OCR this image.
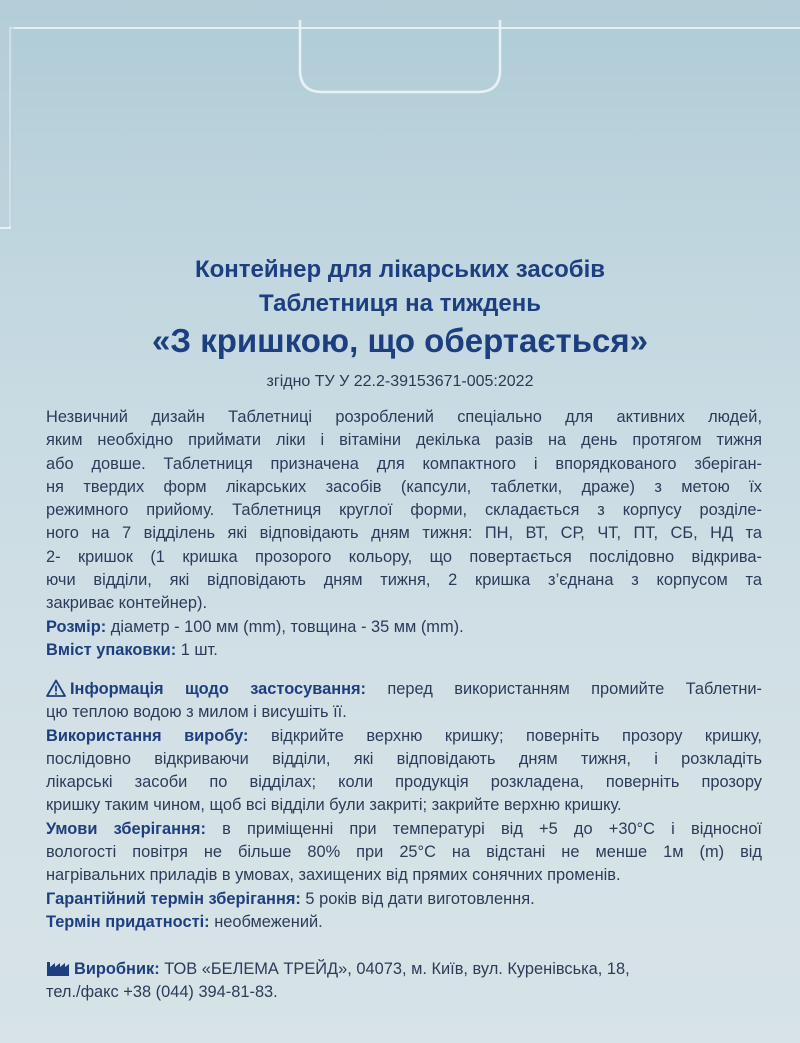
Контейнер для лікарських засобів
Таблетниця на тиждень
«З кришкою, що обертається»
згідно ТУ У 22.2-39153671-005:2022
Незвичний дизайн Таблетниці розроблений спеціально для активних людей,
яким необхідно приймати ліки і вітаміни декілька разів на день протягом тижня
або довше. Таблетниця призначена для компактного і впорядкованого зберіган-
ня твердих форм лікарських засобів (капсули, таблетки, драже) з метою їх
режимного прийому. Таблетниця круглої форми, складається з корпусу розділе-
ного на 7 відділень які відповідають дням тижня: ПН, ВТ, СР, ЧТ, ПТ, СБ, НД та
2- кришок (1 кришка прозорого кольору, що повертається послідовно відкрива-
ючи відділи, які відповідають дням тижня, 2 кришка з’єднана з корпусом та
закриває контейнер).
Розмір: діаметр - 100 мм (mm), товщина - 35 мм (mm).
Вміст упаковки: 1 шт.
Інформація щодо застосування: перед використанням промийте Таблетни-
цю теплою водою з милом і висушіть її.
Використання виробу: відкрийте верхню кришку; поверніть прозору кришку,
послідовно відкриваючи відділи, які відповідають дням тижня, і розкладіть
лікарські засоби по відділах; коли продукція розкладена, поверніть прозору
кришку таким чином, щоб всі відділи були закриті; закрийте верхню кришку.
Умови зберігання: в приміщенні при температурі від +5 до +30°С і відносної
вологості повітря не більше 80% при 25°С на відстані не менше 1м (m) від
нагрівальних приладів в умовах, захищених від прямих сонячних променів.
Гарантійний термін зберігання: 5 років від дати виготовлення.
Термін придатності: необмежений.
Виробник: ТОВ «БЕЛЕМА ТРЕЙД», 04073, м. Київ, вул. Куренівська, 18,
тел./факс +38 (044) 394-81-83.
